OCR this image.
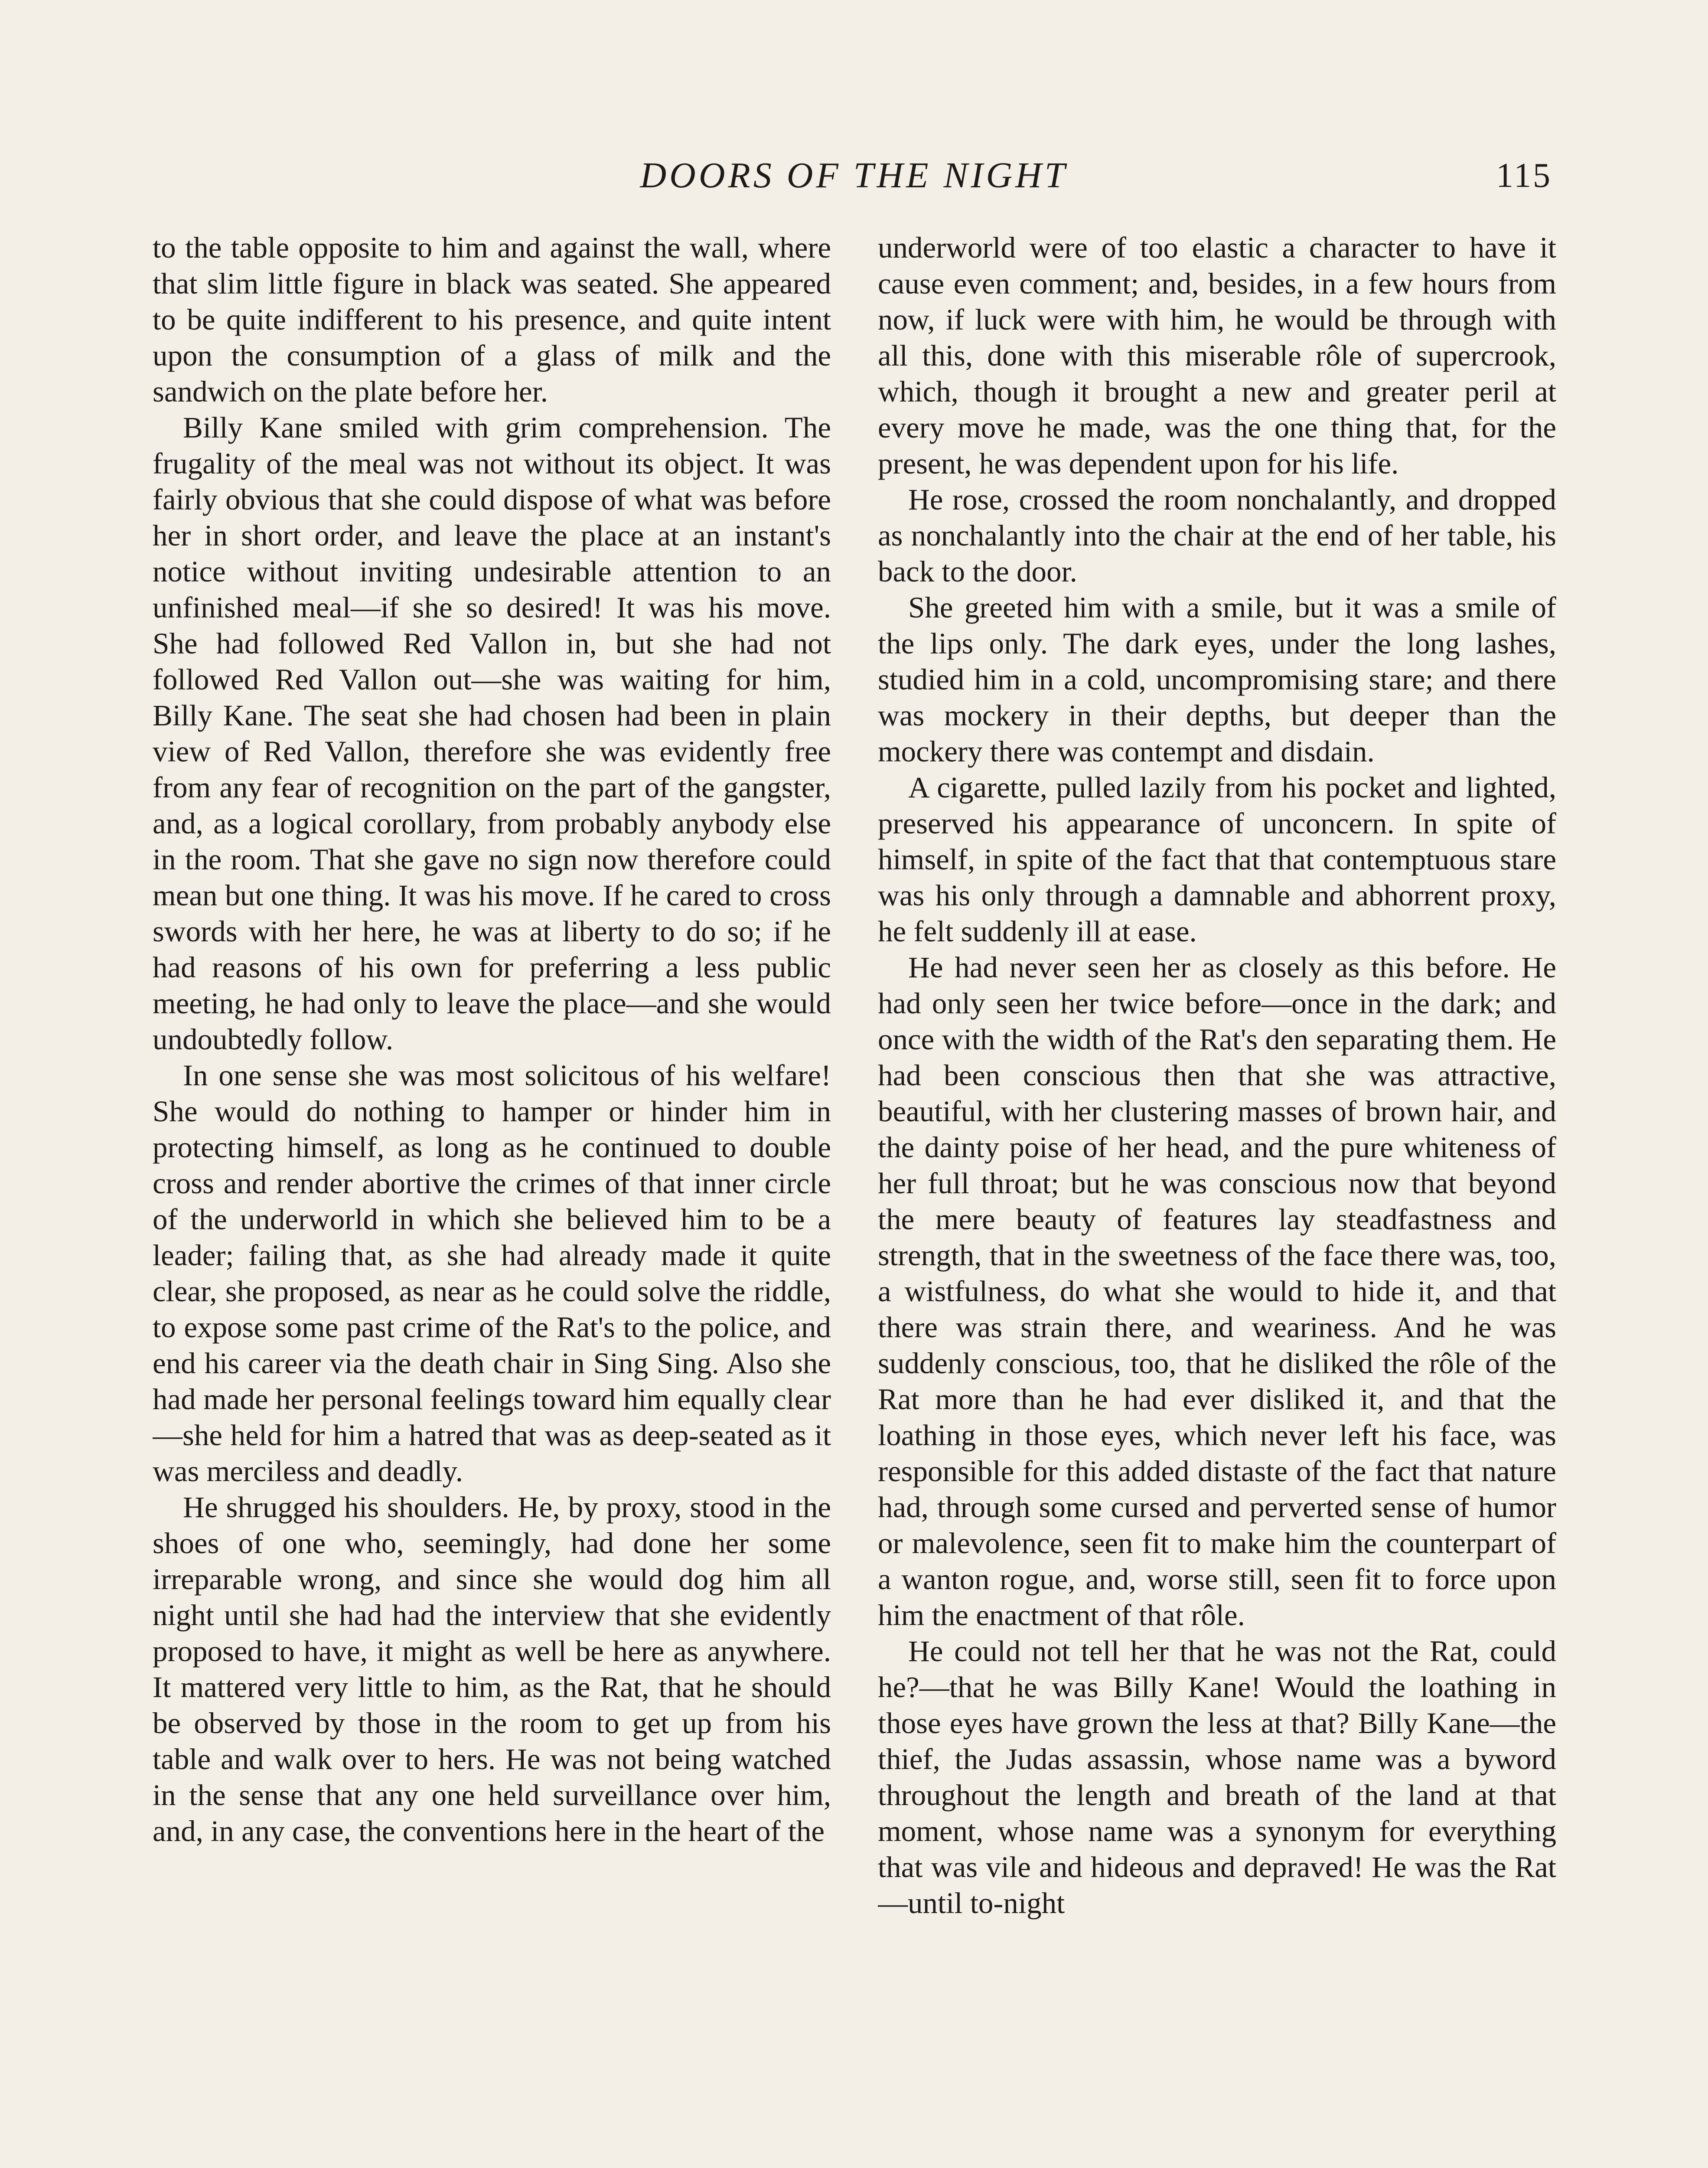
DOORS OF THE NIGHT	115

to the table opposite to him and against the wall, where that slim little figure in black was seated. She appeared to be quite indifferent to his presence, and quite intent upon the consumption of a glass of milk and the sandwich on the plate before her.

Billy Kane smiled with grim comprehension. The frugality of the meal was not without its object. It was fairly obvious that she could dispose of what was before her in short order, and leave the place at an instant's notice without inviting undesirable attention to an unfinished meal—if she so desired! It was his move. She had followed Red Vallon in, but she had not followed Red Vallon out—she was waiting for him, Billy Kane. The seat she had chosen had been in plain view of Red Vallon, therefore she was evidently free from any fear of recognition on the part of the gangster, and, as a logical corollary, from probably anybody else in the room. That she gave no sign now therefore could mean but one thing. It was his move. If he cared to cross swords with her here, he was at liberty to do so; if he had reasons of his own for preferring a less public meeting, he had only to leave the place—and she would undoubtedly follow.

In one sense she was most solicitous of his welfare! She would do nothing to hamper or hinder him in protecting himself, as long as he continued to double cross and render abortive the crimes of that inner circle of the underworld in which she believed him to be a leader; failing that, as she had already made it quite clear, she proposed, as near as he could solve the riddle, to expose some past crime of the Rat's to the police, and end his career via the death chair in Sing Sing. Also she had made her personal feelings toward him equally clear—she held for him a hatred that was as deep-seated as it was merciless and deadly.

He shrugged his shoulders. He, by proxy, stood in the shoes of one who, seemingly, had done her some irreparable wrong, and since she would dog him all night until she had had the interview that she evidently proposed to have, it might as well be here as anywhere. It mattered very little to him, as the Rat, that he should be observed by those in the room to get up from his table and walk over to hers. He was not being watched in the sense that any one held surveillance over him, and, in any case, the conventions here in the heart of the

underworld were of too elastic a character to have it cause even comment; and, besides, in a few hours from now, if luck were with him, he would be through with all this, done with this miserable rôle of supercrook, which, though it brought a new and greater peril at every move he made, was the one thing that, for the present, he was dependent upon for his life.

He rose, crossed the room nonchalantly, and dropped as nonchalantly into the chair at the end of her table, his back to the door.

She greeted him with a smile, but it was a smile of the lips only. The dark eyes, under the long lashes, studied him in a cold, uncompromising stare; and there was mockery in their depths, but deeper than the mockery there was contempt and disdain.

A cigarette, pulled lazily from his pocket and lighted, preserved his appearance of unconcern. In spite of himself, in spite of the fact that that contemptuous stare was his only through a damnable and abhorrent proxy, he felt suddenly ill at ease.

He had never seen her as closely as this before. He had only seen her twice before—once in the dark; and once with the width of the Rat's den separating them. He had been conscious then that she was attractive, beautiful, with her clustering masses of brown hair, and the dainty poise of her head, and the pure whiteness of her full throat; but he was conscious now that beyond the mere beauty of features lay steadfastness and strength, that in the sweetness of the face there was, too, a wistfulness, do what she would to hide it, and that there was strain there, and weariness. And he was suddenly conscious, too, that he disliked the rôle of the Rat more than he had ever disliked it, and that the loathing in those eyes, which never left his face, was responsible for this added distaste of the fact that nature had, through some cursed and perverted sense of humor or malevolence, seen fit to make him the counterpart of a wanton rogue, and, worse still, seen fit to force upon him the enactment of that rôle.

He could not tell her that he was not the Rat, could he?—that he was Billy Kane! Would the loathing in those eyes have grown the less at that? Billy Kane—the thief, the Judas assassin, whose name was a byword throughout the length and breath of the land at that moment, whose name was a synonym for everything that was vile and hideous and depraved! He was the Rat—until to-night
